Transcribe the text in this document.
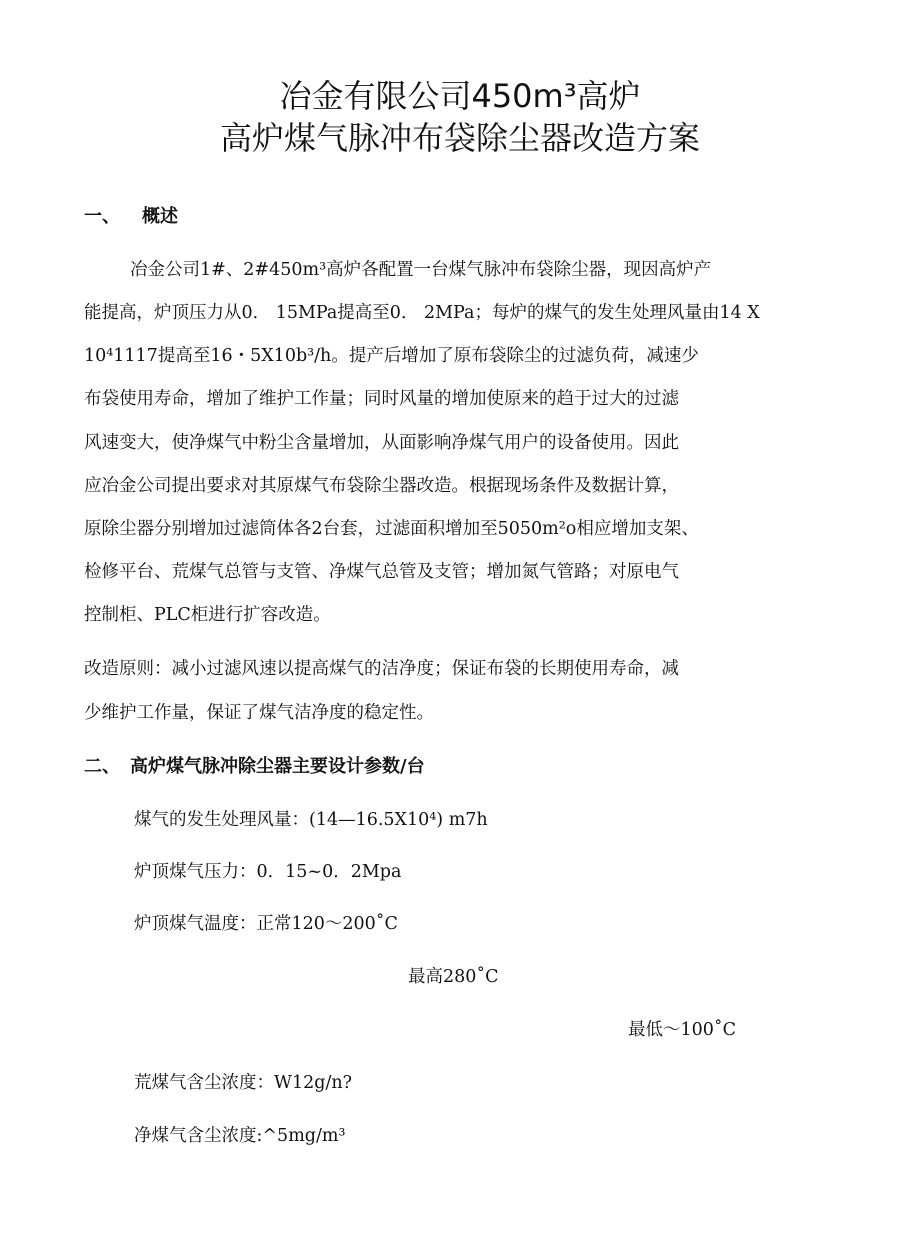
冶金有限公司450m³高炉
高炉煤气脉冲布袋除尘器改造方案
一、 概述
冶金公司1#、2#450m³高炉各配置一台煤气脉冲布袋除尘器，现因高炉产
能提高，炉顶压力从0． 15MPa提高至0． 2MPa；每炉的煤气的发生处理风量由14 X
10⁴1117提高至16・5X10b³/h。提产后增加了原布袋除尘的过滤负荷，减速少
布袋使用寿命，增加了维护工作量；同时风量的增加使原来的趋于过大的过滤
风速变大，使净煤气中粉尘含量增加，从面影响净煤气用户的设备使用。因此
应冶金公司提出要求对其原煤气布袋除尘器改造。根据现场条件及数据计算，
原除尘器分别增加过滤筒体各2台套，过滤面积增加至5050m²o相应增加支架、
检修平台、荒煤气总管与支管、净煤气总管及支管；增加氮气管路；对原电气
控制柜、PLC柜进行扩容改造。
改造原则：减小过滤风速以提高煤气的洁净度；保证布袋的长期使用寿命，减
少维护工作量，保证了煤气洁净度的稳定性。
二、 高炉煤气脉冲除尘器主要设计参数/台
煤气的发生处理风量：(14—16.5X10⁴) m7h
炉顶煤气压力：0．15~0．2Mpa
炉顶煤气温度：正常120～200˚C
最高280˚C
最低～100˚C
荒煤气含尘浓度：W12g/n?
净煤气含尘浓度:^5mg/m³
